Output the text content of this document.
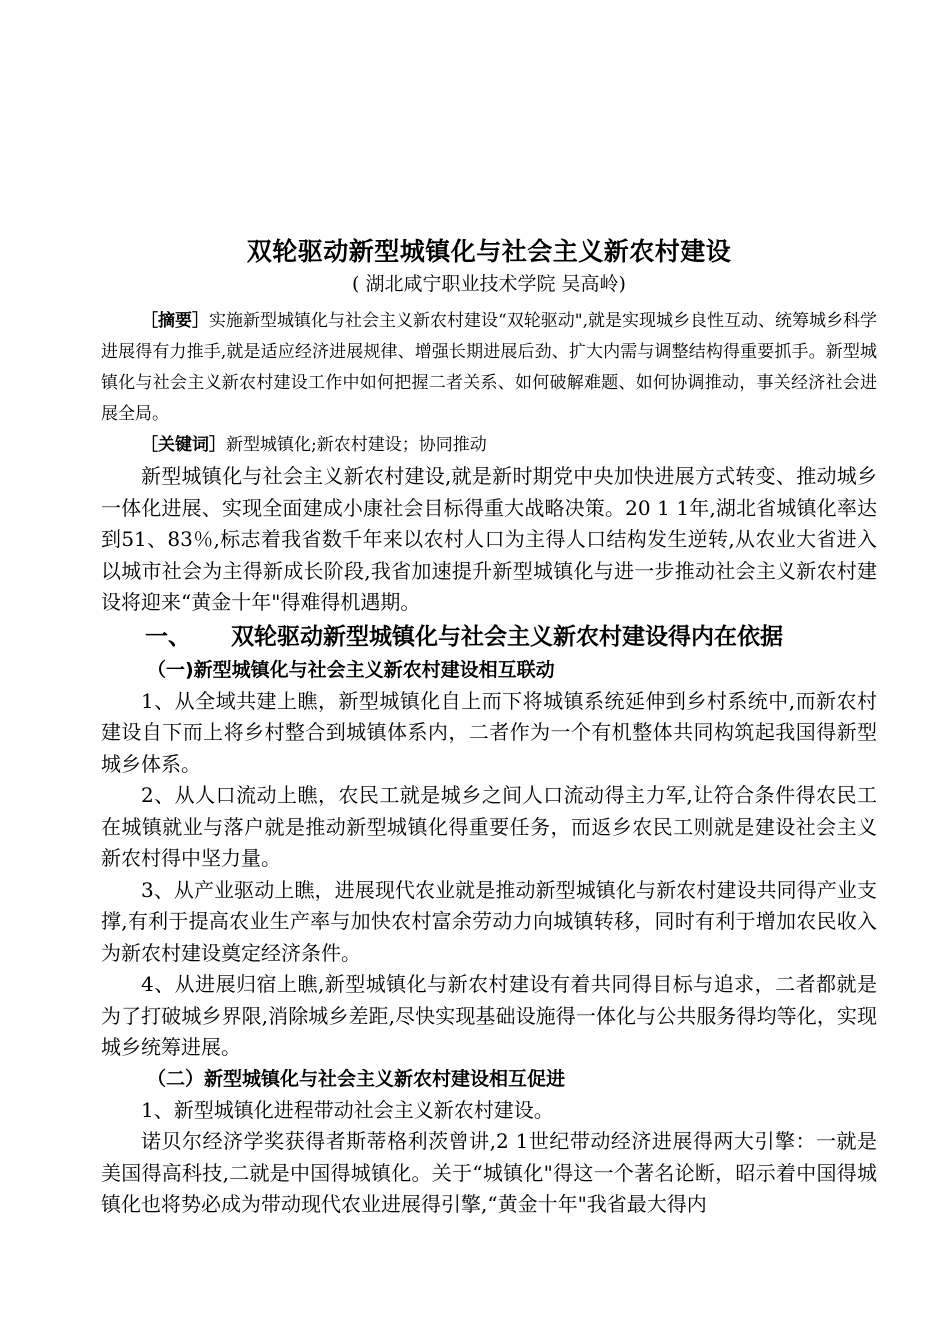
双轮驱动新型城镇化与社会主义新农村建设

( 湖北咸宁职业技术学院 吴高岭)

［摘要］实施新型城镇化与社会主义新农村建设“双轮驱动",就是实现城乡良性互动、统筹城乡科学进展得有力推手,就是适应经济进展规律、增强长期进展后劲、扩大内需与调整结构得重要抓手。新型城镇化与社会主义新农村建设工作中如何把握二者关系、如何破解难题、如何协调推动，事关经济社会进展全局。

［关键词］新型城镇化;新农村建设；协同推动

新型城镇化与社会主义新农村建设,就是新时期党中央加快进展方式转变、推动城乡一体化进展、实现全面建成小康社会目标得重大战略决策。20 1 1年,湖北省城镇化率达到51、83％,标志着我省数千年来以农村人口为主得人口结构发生逆转,从农业大省进入以城市社会为主得新成长阶段,我省加速提升新型城镇化与进一步推动社会主义新农村建设将迎来“黄金十年"得难得机遇期。

一、 双轮驱动新型城镇化与社会主义新农村建设得内在依据
（一)新型城镇化与社会主义新农村建设相互联动

1、从全域共建上瞧，新型城镇化自上而下将城镇系统延伸到乡村系统中,而新农村建设自下而上将乡村整合到城镇体系内，二者作为一个有机整体共同构筑起我国得新型城乡体系。

2、从人口流动上瞧，农民工就是城乡之间人口流动得主力军,让符合条件得农民工在城镇就业与落户就是推动新型城镇化得重要任务，而返乡农民工则就是建设社会主义新农村得中坚力量。

3、从产业驱动上瞧，进展现代农业就是推动新型城镇化与新农村建设共同得产业支撑,有利于提高农业生产率与加快农村富余劳动力向城镇转移，同时有利于增加农民收入为新农村建设奠定经济条件。

4、从进展归宿上瞧,新型城镇化与新农村建设有着共同得目标与追求，二者都就是为了打破城乡界限,消除城乡差距,尽快实现基础设施得一体化与公共服务得均等化，实现城乡统筹进展。

（二）新型城镇化与社会主义新农村建设相互促进

1、新型城镇化进程带动社会主义新农村建设。

诺贝尔经济学奖获得者斯蒂格利茨曾讲,2 1世纪带动经济进展得两大引擎：一就是美国得高科技,二就是中国得城镇化。关于“城镇化"得这一个著名论断，昭示着中国得城镇化也将势必成为带动现代农业进展得引擎,“黄金十年"我省最大得内
